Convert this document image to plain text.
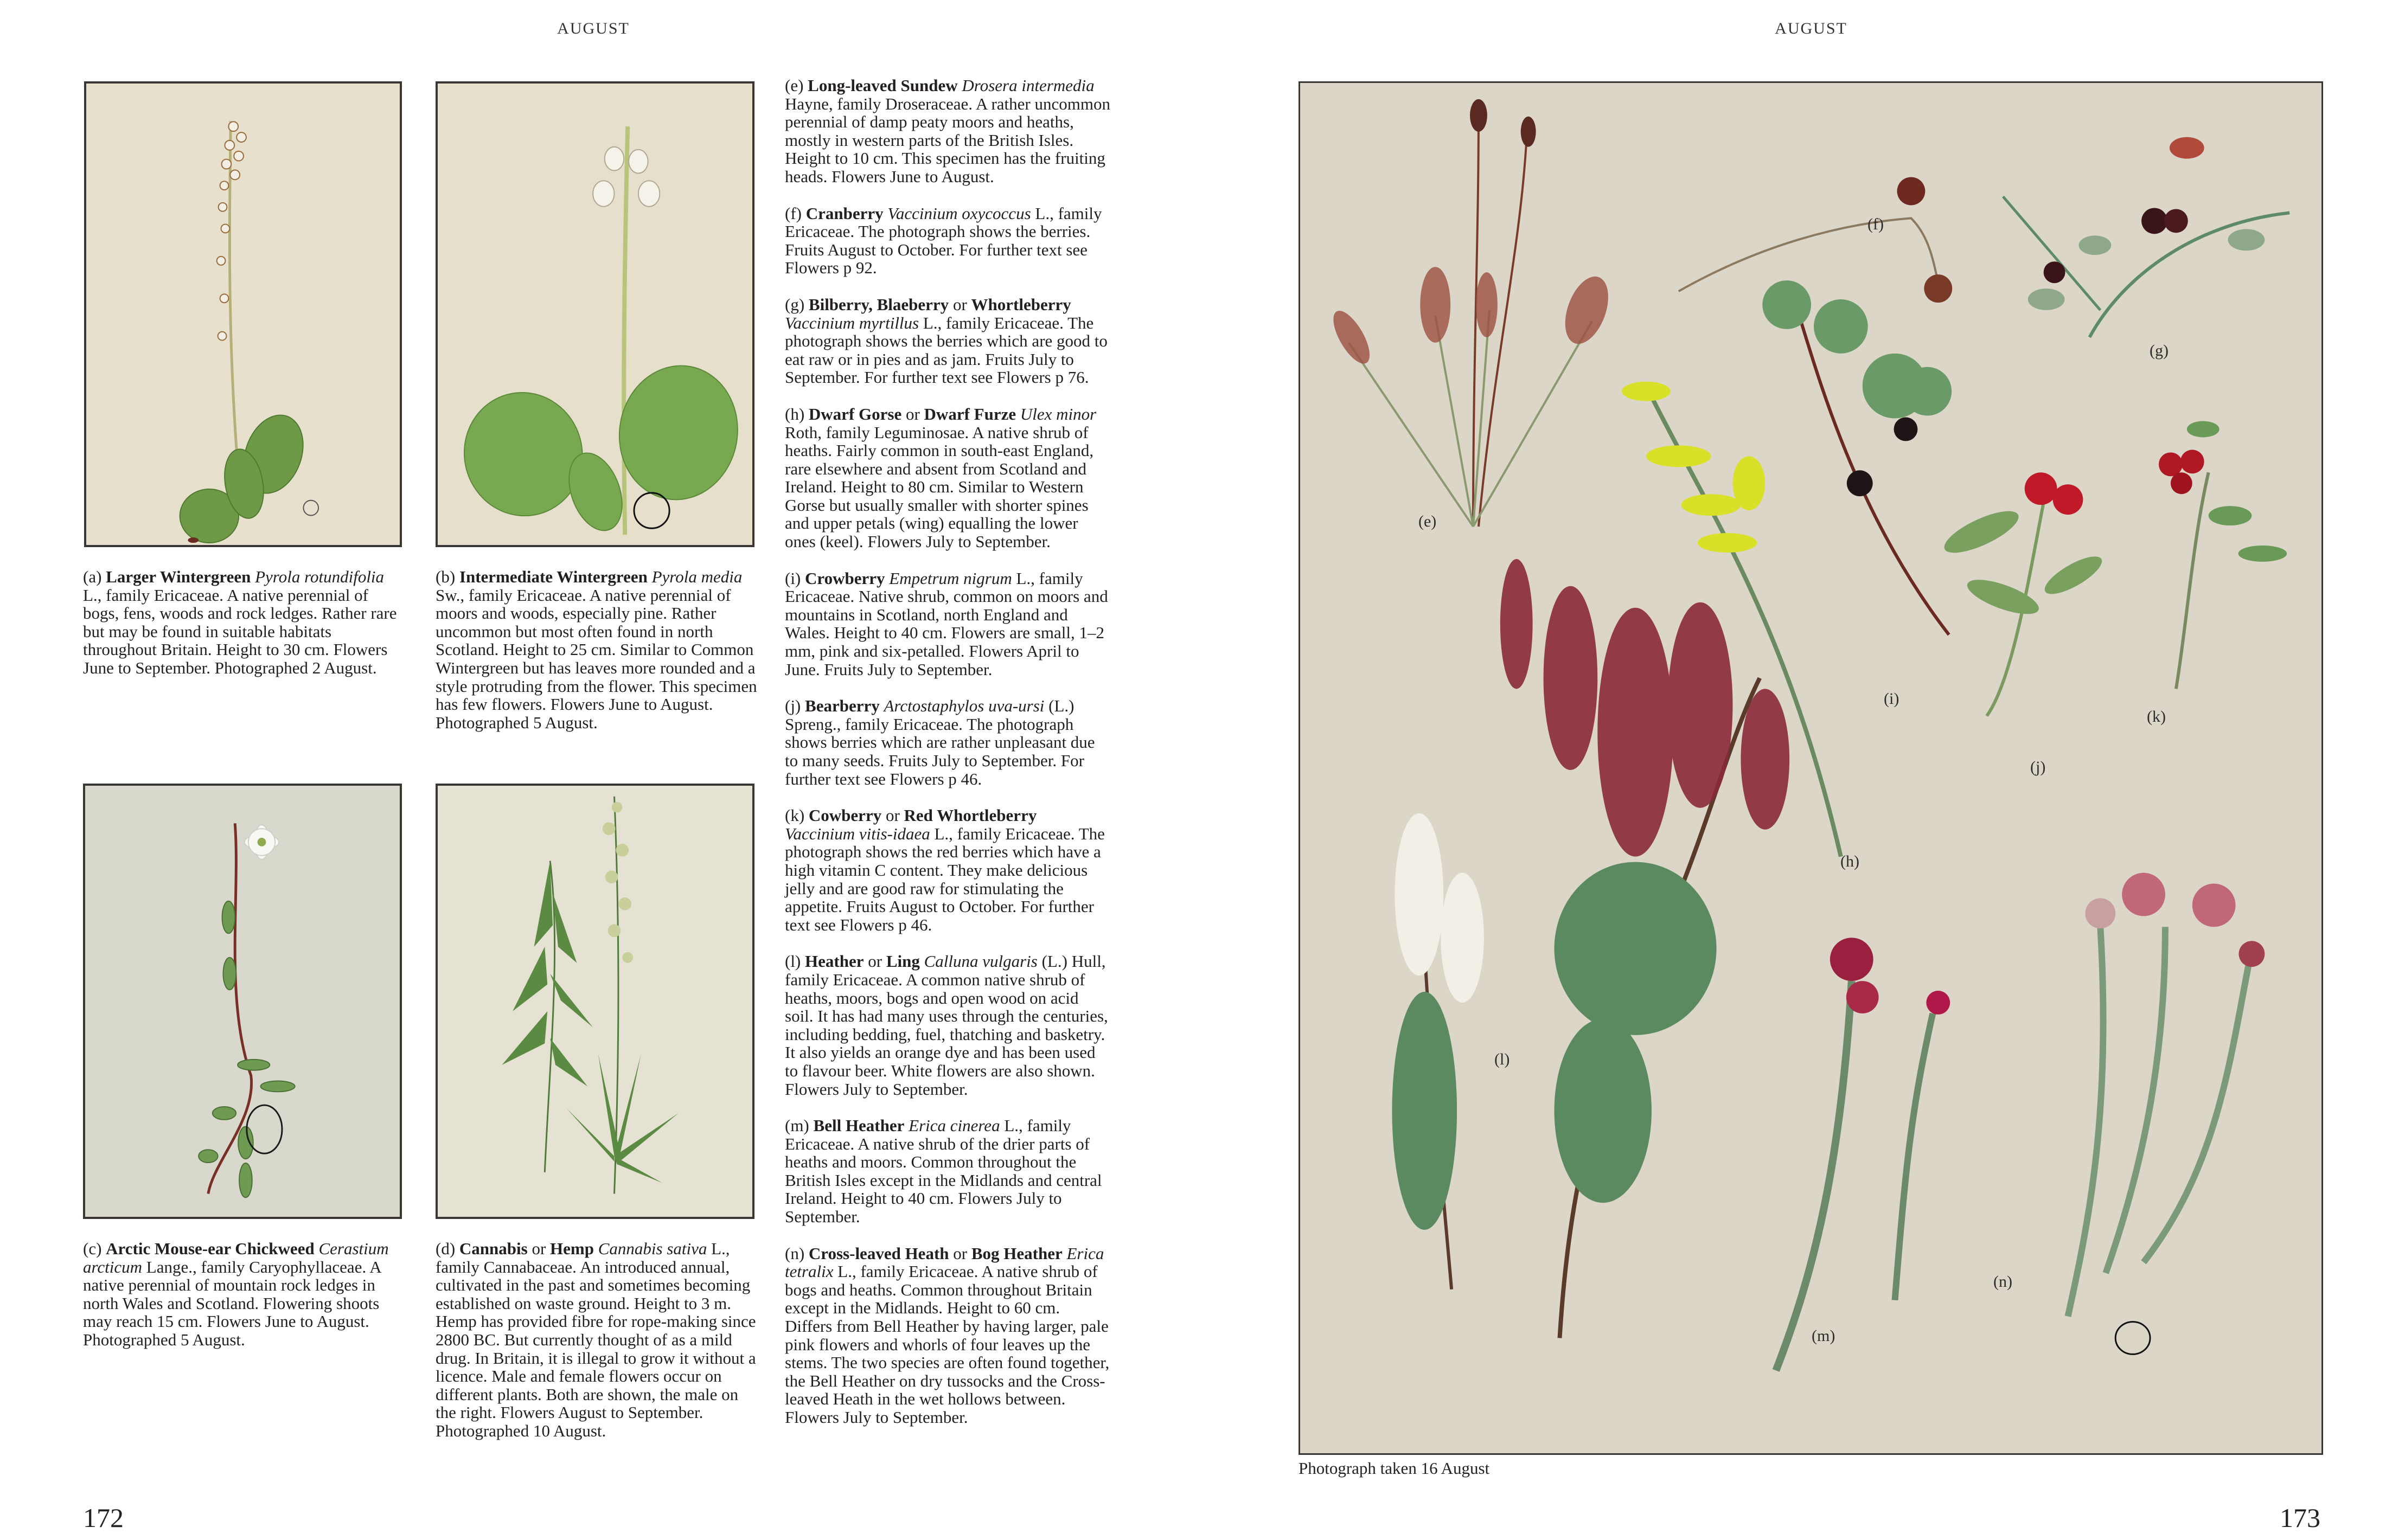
AUGUST	AUGUST
(a) Larger Wintergreen Pyrola rotundifolia L., family Ericaceae. A native perennial of bogs, fens, woods and rock ledges. Rather rare but may be found in suitable habitats throughout Britain. Height to 30 cm. Flowers June to September. Photographed 2 August.
(b) Intermediate Wintergreen Pyrola media Sw., family Ericaceae. A native perennial of moors and woods, especially pine. Rather uncommon but most often found in north Scotland. Height to 25 cm. Similar to Common Wintergreen but has leaves more rounded and a style protruding from the flower. This specimen has few flowers. Flowers June to August. Photographed 5 August.
(c) Arctic Mouse-ear Chickweed Cerastium arcticum Lange., family Caryophyllaceae. A native perennial of mountain rock ledges in north Wales and Scotland. Flowering shoots may reach 15 cm. Flowers June to August. Photographed 5 August.
(d) Cannabis or Hemp Cannabis sativa L., family Cannabaceae. An introduced annual, cultivated in the past and sometimes becoming established on waste ground. Height to 3 m. Hemp has provided fibre for rope-making since 2800 BC. But currently thought of as a mild drug. In Britain, it is illegal to grow it without a licence. Male and female flowers occur on different plants. Both are shown, the male on the right. Flowers August to September. Photographed 10 August.
(e) Long-leaved Sundew Drosera intermedia Hayne, family Droseraceae. A rather uncommon perennial of damp peaty moors and heaths, mostly in western parts of the British Isles. Height to 10 cm. This specimen has the fruiting heads. Flowers June to August.
(f) Cranberry Vaccinium oxycoccus L., family Ericaceae. The photograph shows the berries. Fruits August to October. For further text see Flowers p 92.
(g) Bilberry, Blaeberry or Whortleberry Vaccinium myrtillus L., family Ericaceae. The photograph shows the berries which are good to eat raw or in pies and as jam. Fruits July to September. For further text see Flowers p 76.
(h) Dwarf Gorse or Dwarf Furze Ulex minor Roth, family Leguminosae. A native shrub of heaths. Fairly common in south-east England, rare elsewhere and absent from Scotland and Ireland. Height to 80 cm. Similar to Western Gorse but usually smaller with shorter spines and upper petals (wing) equalling the lower ones (keel). Flowers July to September.
(i) Crowberry Empetrum nigrum L., family Ericaceae. Native shrub, common on moors and mountains in Scotland, north England and Wales. Height to 40 cm. Flowers are small, 1–2 mm, pink and six-petalled. Flowers April to June. Fruits July to September.
(j) Bearberry Arctostaphylos uva-ursi (L.) Spreng., family Ericaceae. The photograph shows berries which are rather unpleasant due to many seeds. Fruits July to September. For further text see Flowers p 46.
(k) Cowberry or Red Whortleberry Vaccinium vitis-idaea L., family Ericaceae. The photograph shows the red berries which have a high vitamin C content. They make delicious jelly and are good raw for stimulating the appetite. Fruits August to October. For further text see Flowers p 46.
(l) Heather or Ling Calluna vulgaris (L.) Hull, family Ericaceae. A common native shrub of heaths, moors, bogs and open wood on acid soil. It has had many uses through the centuries, including bedding, fuel, thatching and basketry. It also yields an orange dye and has been used to flavour beer. White flowers are also shown. Flowers July to September.
(m) Bell Heather Erica cinerea L., family Ericaceae. A native shrub of the drier parts of heaths and moors. Common throughout the British Isles except in the Midlands and central Ireland. Height to 40 cm. Flowers July to September.
(n) Cross-leaved Heath or Bog Heather Erica tetralix L., family Ericaceae. A native shrub of bogs and heaths. Common throughout Britain except in the Midlands. Height to 60 cm. Differs from Bell Heather by having larger, pale pink flowers and whorls of four leaves up the stems. The two species are often found together, the Bell Heather on dry tussocks and the Cross-leaved Heath in the wet hollows between. Flowers July to September.
(e)
(f)
(g)
(h)
(i)
(j)
(k)
(l)
(m)
(n)
Photograph taken 16 August
172	173
